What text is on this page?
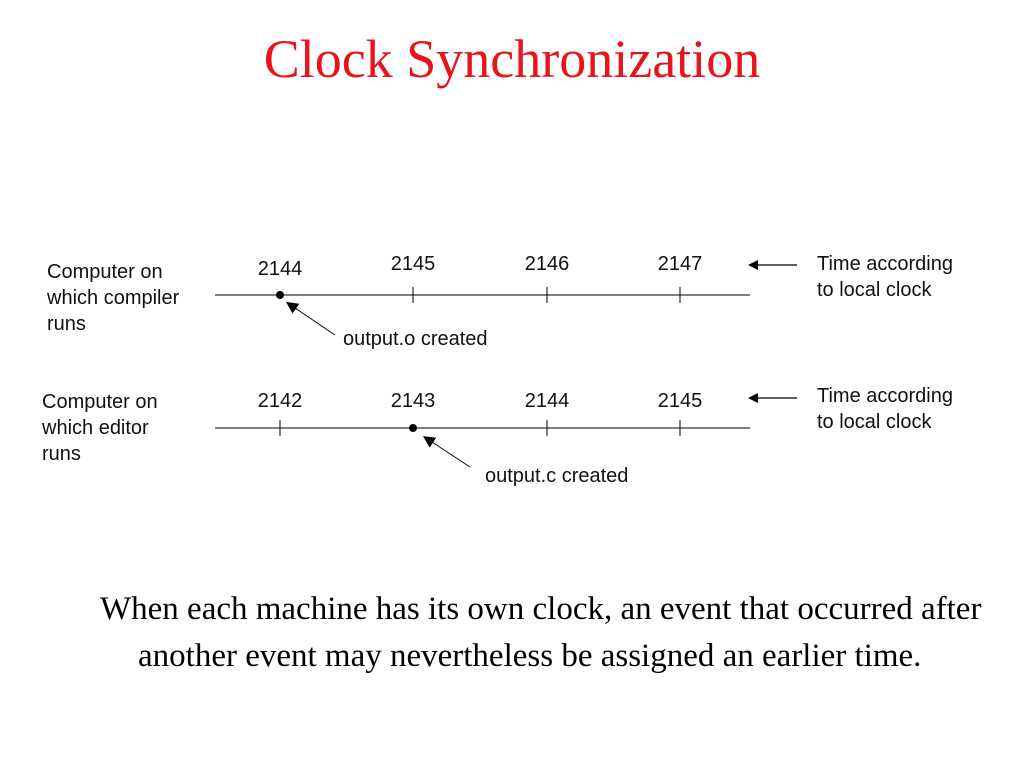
Clock Synchronization
Computer on
which compiler
runs
2144	2145	2146	2147
output.o created
Time according
to local clock
Computer on
which editor
runs
2142	2143	2144	2145
output.c created
Time according
to local clock
When each machine has its own clock, an event that occurred after another event may nevertheless be assigned an earlier time.
